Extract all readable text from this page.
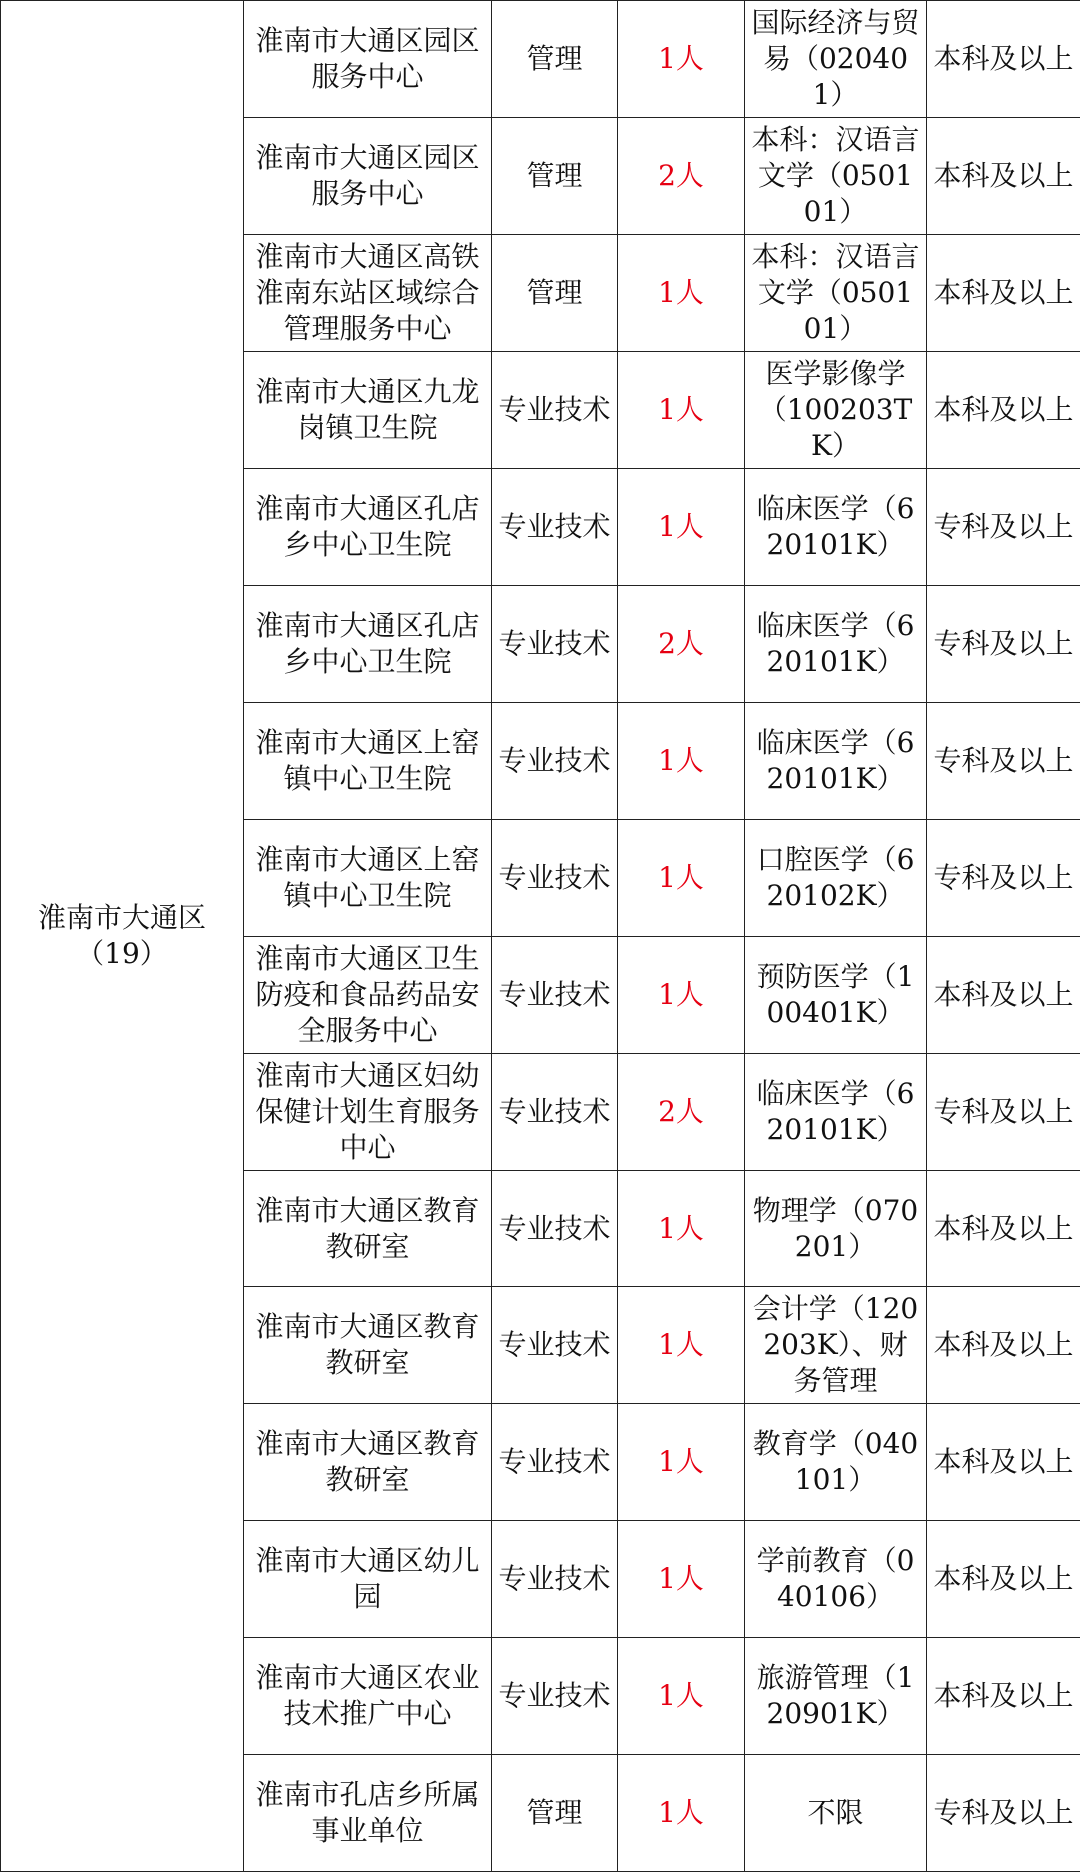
淮南市大通区
（19）	淮南市大通区园区服务中心	管理	1人	国际经济与贸易（020401）	本科及以上
	淮南市大通区园区服务中心	管理	2人	本科：汉语言文学（050101）	本科及以上
	淮南市大通区高铁淮南东站区域综合管理服务中心	管理	1人	本科：汉语言文学（050101）	本科及以上
	淮南市大通区九龙岗镇卫生院	专业技术	1人	医学影像学（100203TK）	本科及以上
	淮南市大通区孔店乡中心卫生院	专业技术	1人	临床医学（620101K）	专科及以上
	淮南市大通区孔店乡中心卫生院	专业技术	2人	临床医学（620101K）	专科及以上
	淮南市大通区上窑镇中心卫生院	专业技术	1人	临床医学（620101K）	专科及以上
	淮南市大通区上窑镇中心卫生院	专业技术	1人	口腔医学（620102K）	专科及以上
	淮南市大通区卫生防疫和食品药品安全服务中心	专业技术	1人	预防医学（100401K）	本科及以上
	淮南市大通区妇幼保健计划生育服务中心	专业技术	2人	临床医学（620101K）	专科及以上
	淮南市大通区教育教研室	专业技术	1人	物理学（070201）	本科及以上
	淮南市大通区教育教研室	专业技术	1人	会计学（120203K）、财务管理	本科及以上
	淮南市大通区教育教研室	专业技术	1人	教育学（040101）	本科及以上
	淮南市大通区幼儿园	专业技术	1人	学前教育（040106）	本科及以上
	淮南市大通区农业技术推广中心	专业技术	1人	旅游管理（120901K）	本科及以上
	淮南市孔店乡所属事业单位	管理	1人	不限	专科及以上
